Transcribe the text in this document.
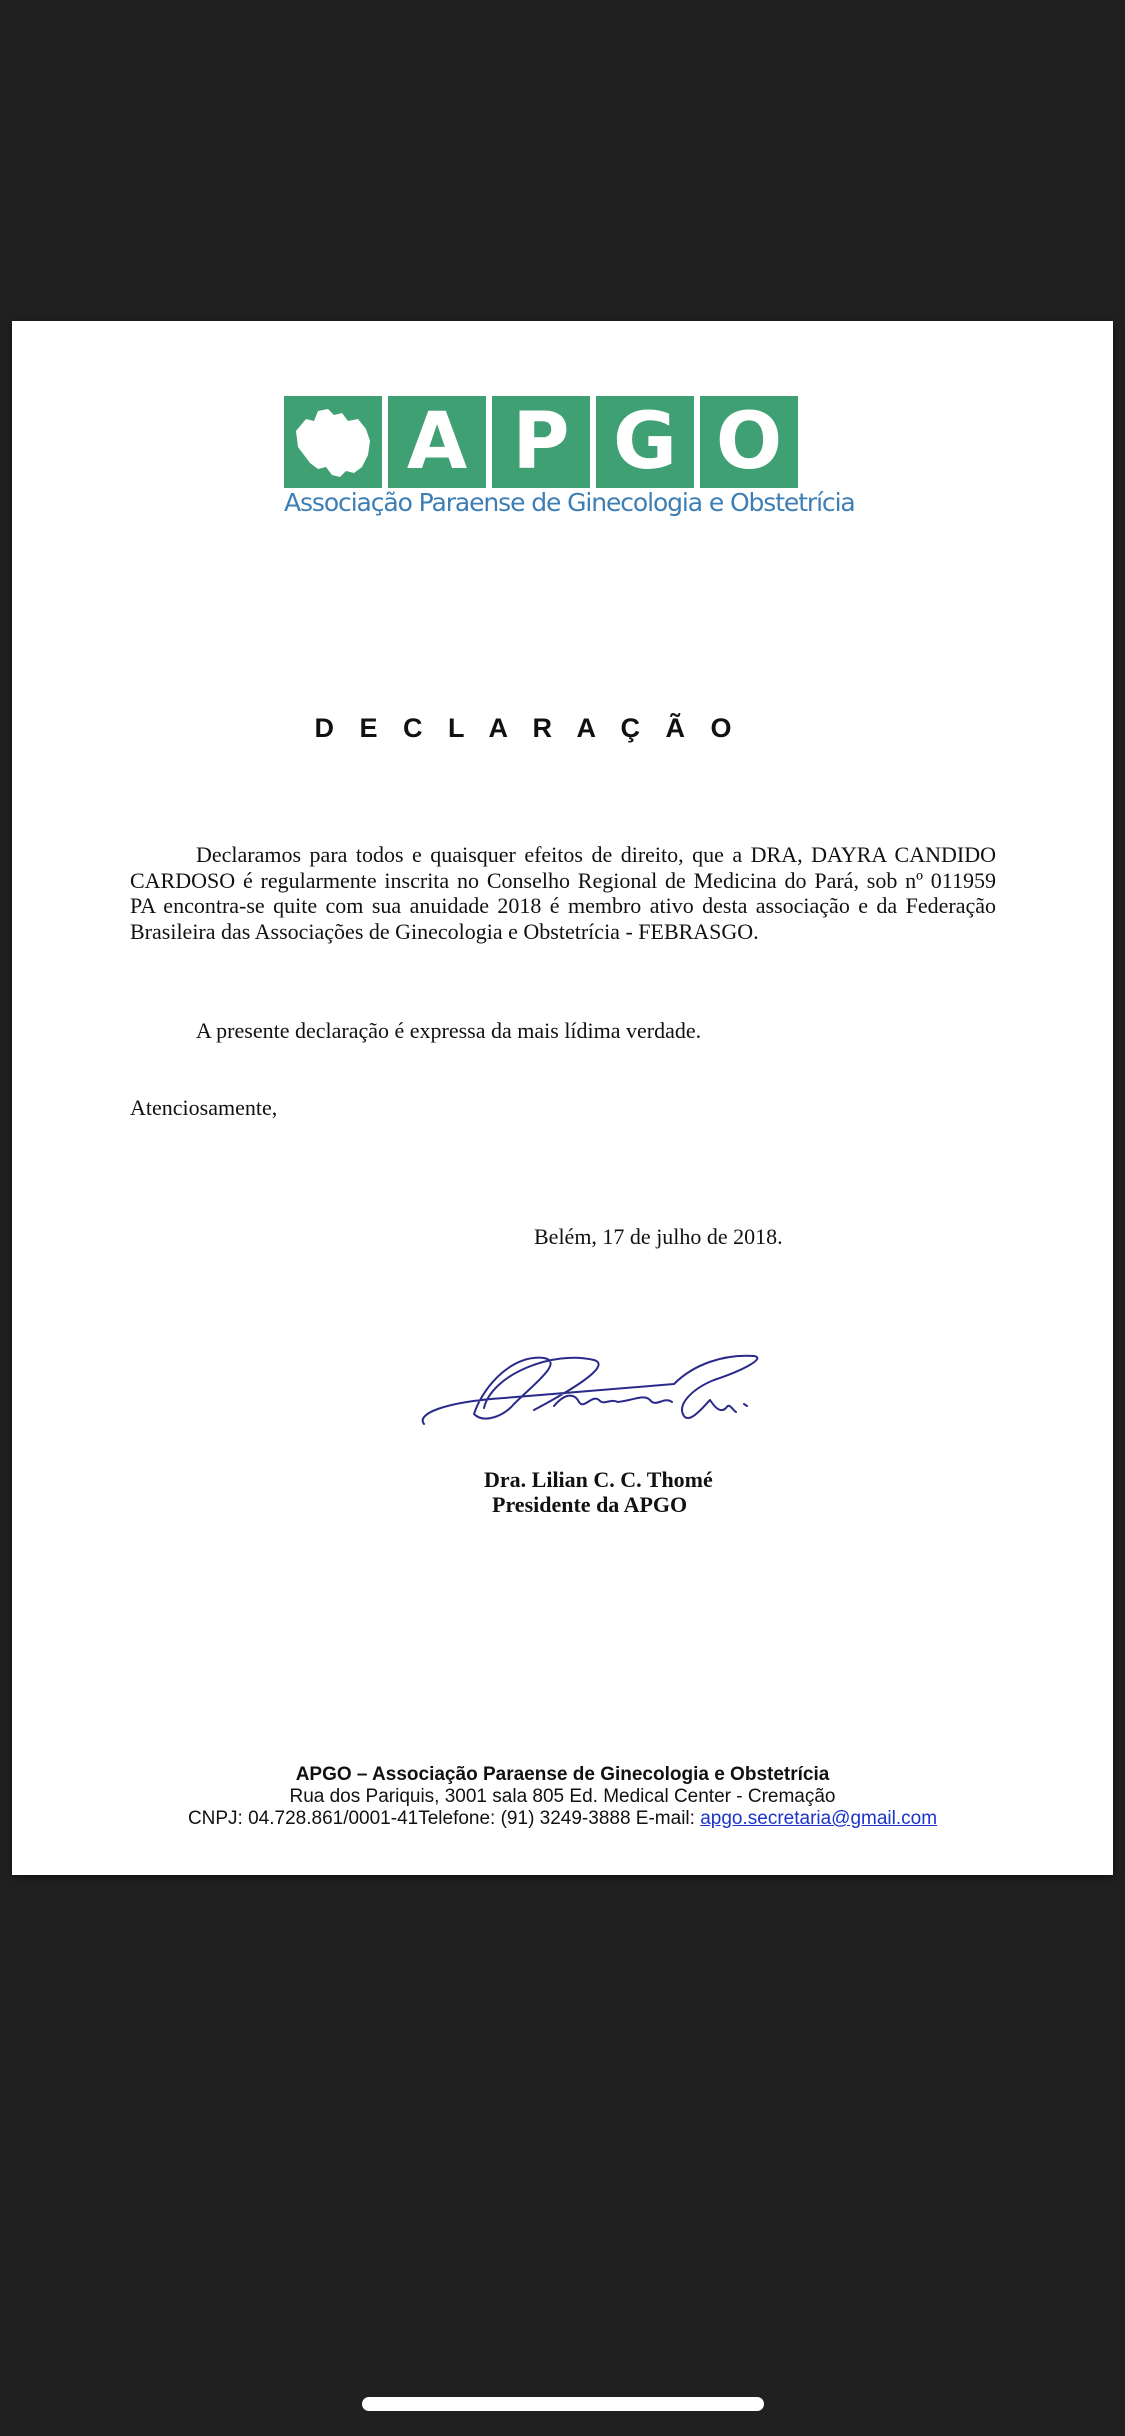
A P G O
Associação Paraense de Ginecologia e Obstetrícia
D E C L A R A Ç Ã O
Declaramos para todos e quaisquer efeitos de direito, que a DRA, DAYRA CANDIDO CARDOSO é regularmente inscrita no Conselho Regional de Medicina do Pará, sob nº 011959 PA encontra-se quite com sua anuidade 2018 é membro ativo desta associação e da Federação Brasileira das Associações de Ginecologia e Obstetrícia - FEBRASGO.
A presente declaração é expressa da mais lídima verdade.
Atenciosamente,
Belém, 17 de julho de 2018.
Dra. Lilian C. C. Thomé
Presidente da APGO
APGO – Associação Paraense de Ginecologia e Obstetrícia
Rua dos Pariquis, 3001 sala 805 Ed. Medical Center - Cremação
CNPJ: 04.728.861/0001-41Telefone: (91) 3249-3888 E-mail: apgo.secretaria@gmail.com
